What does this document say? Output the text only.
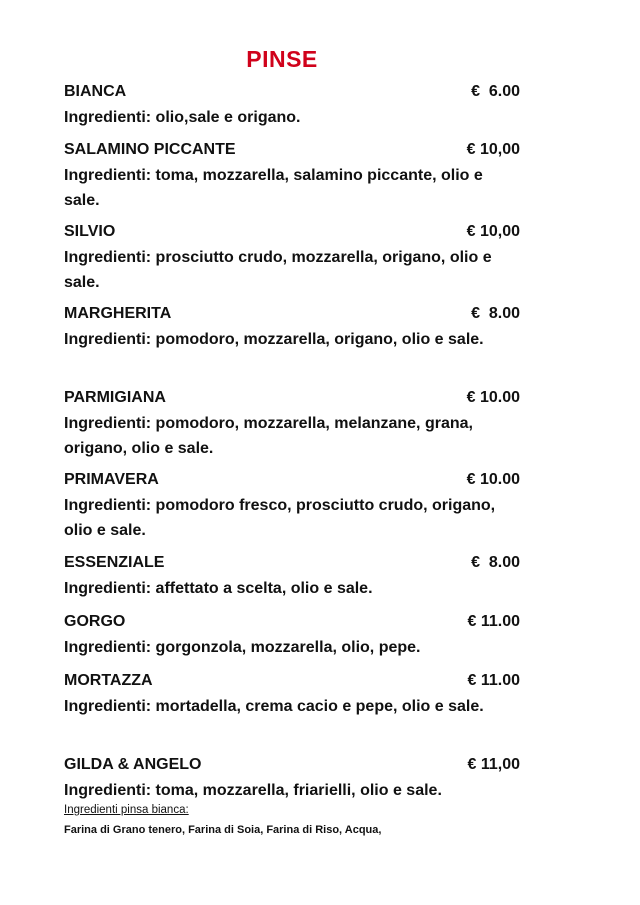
PINSE
BIANCA	€  6.00
Ingredienti: olio,sale e origano.
SALAMINO PICCANTE	€ 10,00
Ingredienti: toma, mozzarella, salamino piccante, olio e sale.
SILVIO	€ 10,00
Ingredienti: prosciutto crudo, mozzarella, origano, olio e sale.
MARGHERITA	€  8.00
Ingredienti: pomodoro, mozzarella, origano, olio e sale.
PARMIGIANA	€ 10.00
Ingredienti: pomodoro, mozzarella, melanzane, grana, origano, olio e sale.
PRIMAVERA	€ 10.00
Ingredienti: pomodoro fresco, prosciutto crudo, origano, olio e sale.
ESSENZIALE	€  8.00
Ingredienti: affettato a scelta, olio e sale.
GORGO	€ 11.00
Ingredienti: gorgonzola, mozzarella, olio, pepe.
MORTAZZA	€ 11.00
Ingredienti: mortadella, crema cacio e pepe, olio e sale.
GILDA & ANGELO	€ 11,00
Ingredienti: toma, mozzarella, friarielli, olio e sale.
Ingredienti pinsa bianca:
Farina di Grano tenero, Farina di Soia, Farina di Riso, Acqua,
